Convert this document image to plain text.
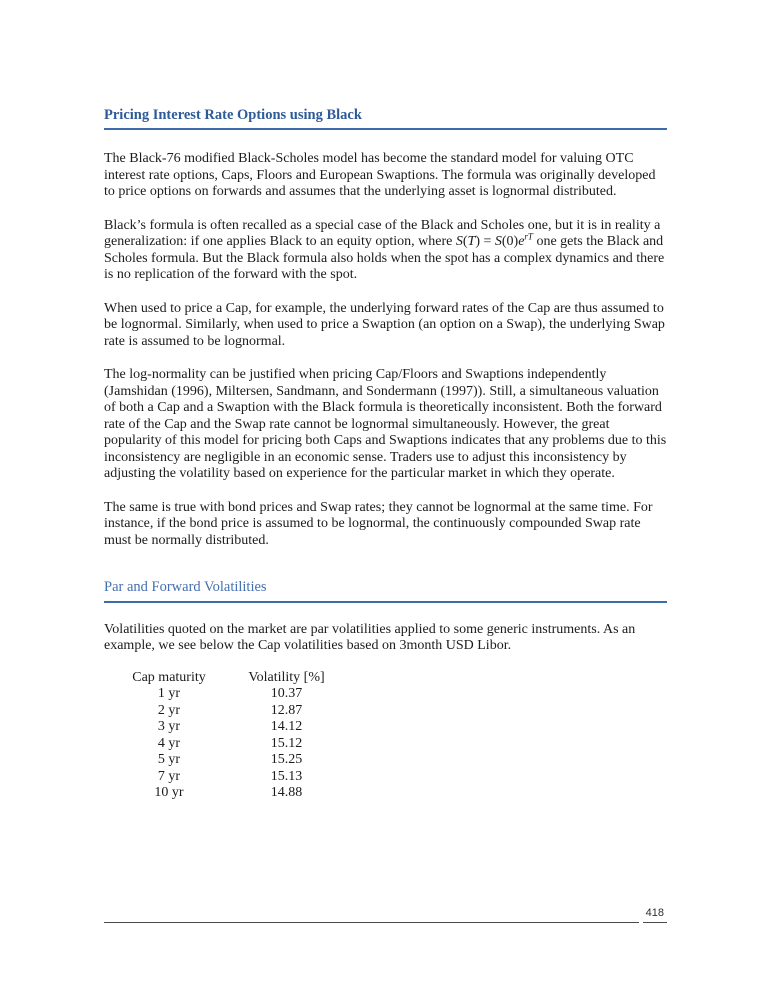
Pricing Interest Rate Options using Black

The Black-76 modified Black-Scholes model has become the standard model for valuing OTC interest rate options, Caps, Floors and European Swaptions. The formula was originally developed to price options on forwards and assumes that the underlying asset is lognormal distributed.

Black’s formula is often recalled as a special case of the Black and Scholes one, but it is in reality a generalization: if one applies Black to an equity option, where $S(T) = S(0)e^{rT}$ one gets the Black and Scholes formula. But the Black formula also holds when the spot has a complex dynamics and there is no replication of the forward with the spot.

When used to price a Cap, for example, the underlying forward rates of the Cap are thus assumed to be lognormal. Similarly, when used to price a Swaption (an option on a Swap), the underlying Swap rate is assumed to be lognormal.

The log-normality can be justified when pricing Cap/Floors and Swaptions independently (Jamshidan (1996), Miltersen, Sandmann, and Sondermann (1997)). Still, a simultaneous valuation of both a Cap and a Swaption with the Black formula is theoretically inconsistent. Both the forward rate of the Cap and the Swap rate cannot be lognormal simultaneously. However, the great popularity of this model for pricing both Caps and Swaptions indicates that any problems due to this inconsistency are negligible in an economic sense. Traders use to adjust this inconsistency by adjusting the volatility based on experience for the particular market in which they operate.

The same is true with bond prices and Swap rates; they cannot be lognormal at the same time. For instance, if the bond price is assumed to be lognormal, the continuously compounded Swap rate must be normally distributed.

Par and Forward Volatilities

Volatilities quoted on the market are par volatilities applied to some generic instruments. As an example, we see below the Cap volatilities based on 3month USD Libor.

Cap maturity	Volatility [%]
1 yr	10.37
2 yr	12.87
3 yr	14.12
4 yr	15.12
5 yr	15.25
7 yr	15.13
10 yr	14.88
418
